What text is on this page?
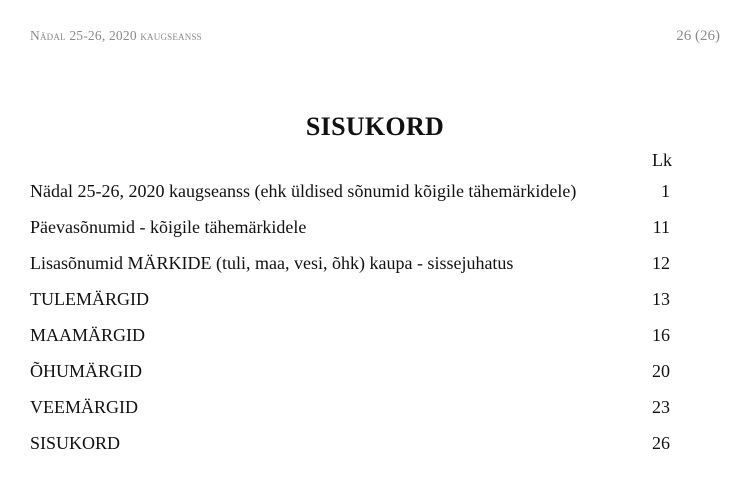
Nädal 25-26, 2020 kaugseanss	26 (26)
SISUKORD
Lk
Nädal 25-26, 2020 kaugseanss (ehk üldised sõnumid kõigile tähemärkidele)	1
Päevasõnumid - kõigile tähemärkidele	11
Lisasõnumid MÄRKIDE (tuli, maa, vesi, õhk) kaupa - sissejuhatus	12
TULEMÄRGID	13
MAAMÄRGID	16
ÕHUMÄRGID	20
VEEMÄRGID	23
SISUKORD	26
